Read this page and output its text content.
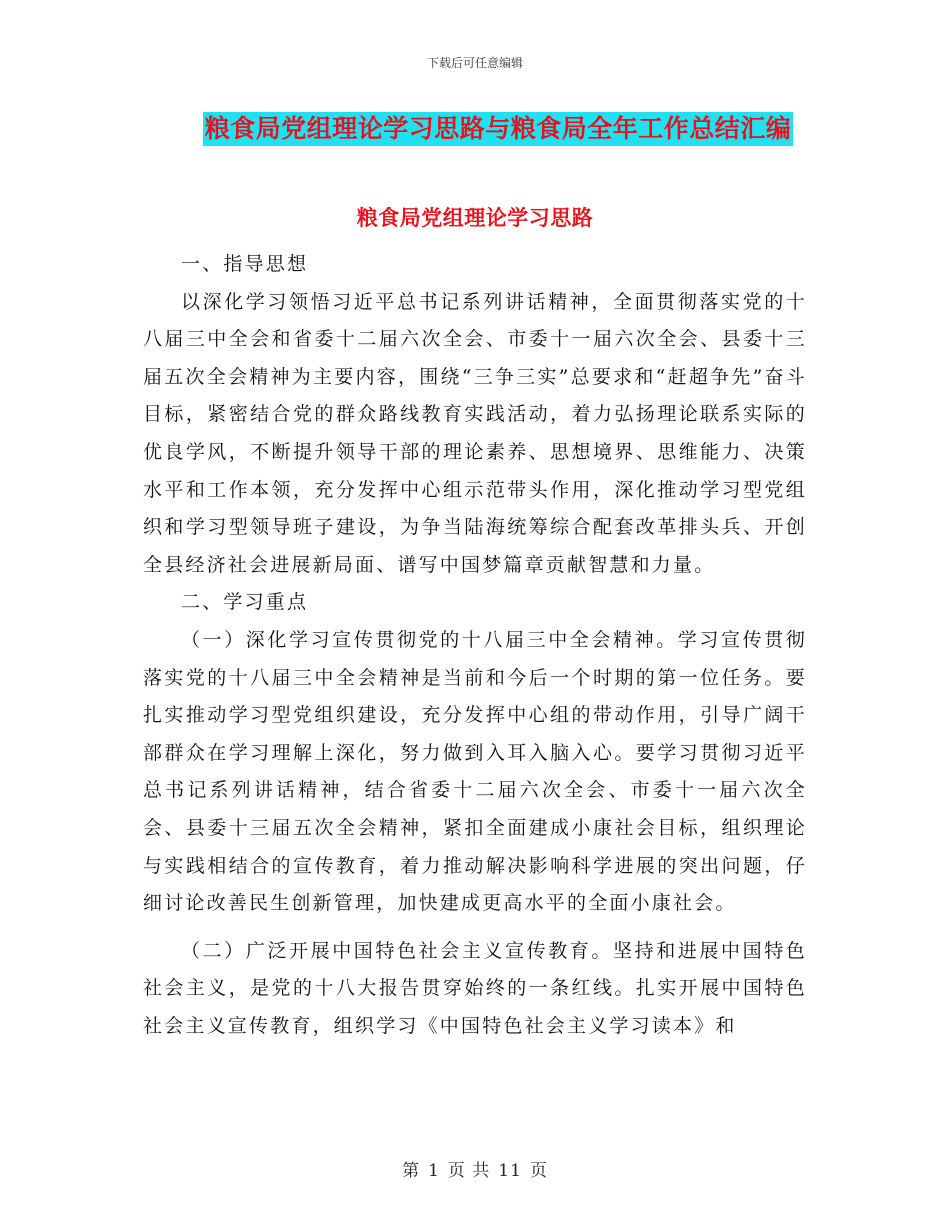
下载后可任意编辑
粮食局党组理论学习思路与粮食局全年工作总结汇编
粮食局党组理论学习思路

一、指导思想

以深化学习领悟习近平总书记系列讲话精神，全面贯彻落实党的十八届三中全会和省委十二届六次全会、市委十一届六次全会、县委十三届五次全会精神为主要内容，围绕“三争三实”总要求和“赶超争先”奋斗目标，紧密结合党的群众路线教育实践活动，着力弘扬理论联系实际的优良学风，不断提升领导干部的理论素养、思想境界、思维能力、决策水平和工作本领，充分发挥中心组示范带头作用，深化推动学习型党组织和学习型领导班子建设，为争当陆海统筹综合配套改革排头兵、开创全县经济社会进展新局面、谱写中国梦篇章贡献智慧和力量。

二、学习重点

（一）深化学习宣传贯彻党的十八届三中全会精神。学习宣传贯彻落实党的十八届三中全会精神是当前和今后一个时期的第一位任务。要扎实推动学习型党组织建设，充分发挥中心组的带动作用，引导广阔干部群众在学习理解上深化，努力做到入耳入脑入心。要学习贯彻习近平总书记系列讲话精神，结合省委十二届六次全会、市委十一届六次全会、县委十三届五次全会精神，紧扣全面建成小康社会目标，组织理论与实践相结合的宣传教育，着力推动解决影响科学进展的突出问题，仔细讨论改善民生创新管理，加快建成更高水平的全面小康社会。

（二）广泛开展中国特色社会主义宣传教育。坚持和进展中国特色社会主义，是党的十八大报告贯穿始终的一条红线。扎实开展中国特色社会主义宣传教育，组织学习《中国特色社会主义学习读本》和

第 1 页 共 11 页
